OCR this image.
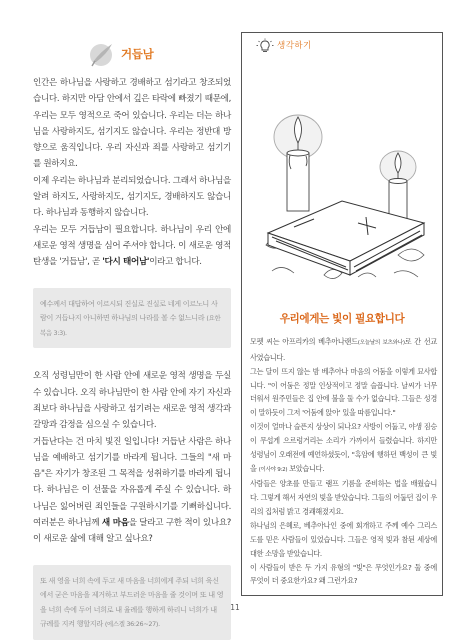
거듭남

인간은 하나님을 사랑하고 경배하고 섬기라고 창조되었습니다. 하지만 아담 안에서 깊은 타락에 빠졌기 때문에, 우리는 모두 영적으로 죽어 있습니다. 우리는 더는 하나님을 사랑하지도, 섬기지도 않습니다. 우리는 정반대 방향으로 움직입니다. 우리 자신과 죄를 사랑하고 섬기기를 원하지요.

이제 우리는 하나님과 분리되었습니다. 그래서 하나님을 알려 하지도, 사랑하지도, 섬기지도, 경배하지도 않습니다. 하나님과 동행하지 않습니다.

우리는 모두 거듭남이 필요합니다. 하나님이 우리 안에 새로운 영적 생명을 심어 주셔야 합니다. 이 새로운 영적 탄생을 '거듭남', 곧 '다시 태어남'이라고 합니다.

예수께서 대답하여 이르시되 진실로 진실로 네게 이르노니 사람이 거듭나지 아니하면 하나님의 나라를 볼 수 없느니라 (요한복음 3:3).

오직 성령님만이 한 사람 안에 새로운 영적 생명을 두실 수 있습니다. 오직 하나님만이 한 사람 안에 자기 자신과 죄보다 하나님을 사랑하고 섬기려는 새로운 영적 생각과 갈망과 감정을 심으실 수 있습니다.

거듭난다는 건 마치 빛진 일입니다! 거듭난 사람은 하나님을 예배하고 섬기기를 바라게 됩니다. 그들의 "새 마음"은 자기가 창조된 그 목적을 성취하기를 바라게 됩니다. 하나님은 이 선물을 자유롭게 주실 수 있습니다. 하나님은 잃어버린 죄인들을 구원하시기를 기뻐하십니다. 여러분은 하나님께 새 마음을 달라고 구한 적이 있나요? 이 새로운 삶에 대해 알고 싶나요?

또 새 영을 너희 속에 두고 새 마음을 너희에게 주되 너희 육신에서 굳은 마음을 제거하고 부드러운 마음을 줄 것이며 또 내 영을 너희 속에 두어 너희로 내 율례를 행하게 하리니 너희가 내 규례를 지켜 행할지라 (에스겔 36:26~27).
생각하기
우리에게는 빛이 필요합니다

모펫 씨는 아프리카의 베추아나랜드(오늘날의 보츠와나)로 간 선교사였습니다.
그는 달이 뜨지 않는 밤 베추아나 마음의 어둠을 이렇게 묘사합니다. "이 어둠은 정말 인상적이고 정말 슬픕니다. 날씨가 너무 더워서 원주민들은 집 안에 불을 둘 수가 없습니다. 그들은 성경이 말하듯이 그저 '어둠에 앉아' 있을 따름입니다."
이것이 얼마나 슬픈지 상상이 되나요? 사방이 어둡고, 야생 짐승이 무섭게 으르렁거리는 소리가 가까이서 들렸습니다. 하지만 성령님이 오래전에 예언하셨듯이, "흑암에 행하던 백성이 큰 빛을 (이사야 9:2) 보았습니다.
사람들은 양초를 만들고 램프 기름을 준비하는 법을 배웠습니다. 그렇게 해서 자연의 빛을 받았습니다. 그들의 어둡던 집이 우리의 집처럼 밝고 경쾌해졌지요.
하나님의 은혜로, 베추아나인 중에 회개하고 주께 예수 그리스도를 믿은 사람들이 있었습니다. 그들은 영적 빛과 참된 세상에 대한 소망을 받았습니다.
이 사람들이 받은 두 가지 유형의 "빛"은 무엇인가요? 둘 중에 무엇이 더 중요한가요? 왜 그런가요?

11
